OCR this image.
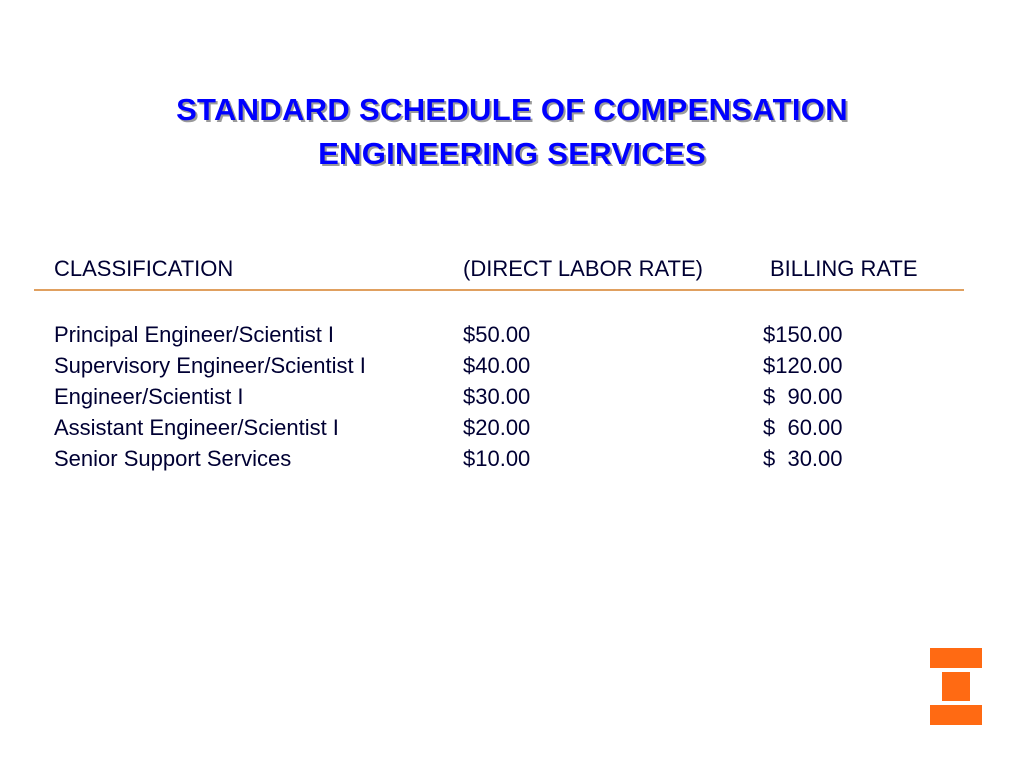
STANDARD SCHEDULE OF COMPENSATION
ENGINEERING SERVICES
CLASSIFICATION	(DIRECT LABOR RATE)	BILLING RATE
Principal Engineer/Scientist I	$50.00	$150.00
Supervisory Engineer/Scientist I	$40.00	$120.00
Engineer/Scientist I	$30.00	$  90.00
Assistant Engineer/Scientist I	$20.00	$  60.00
Senior Support Services	$10.00	$  30.00
